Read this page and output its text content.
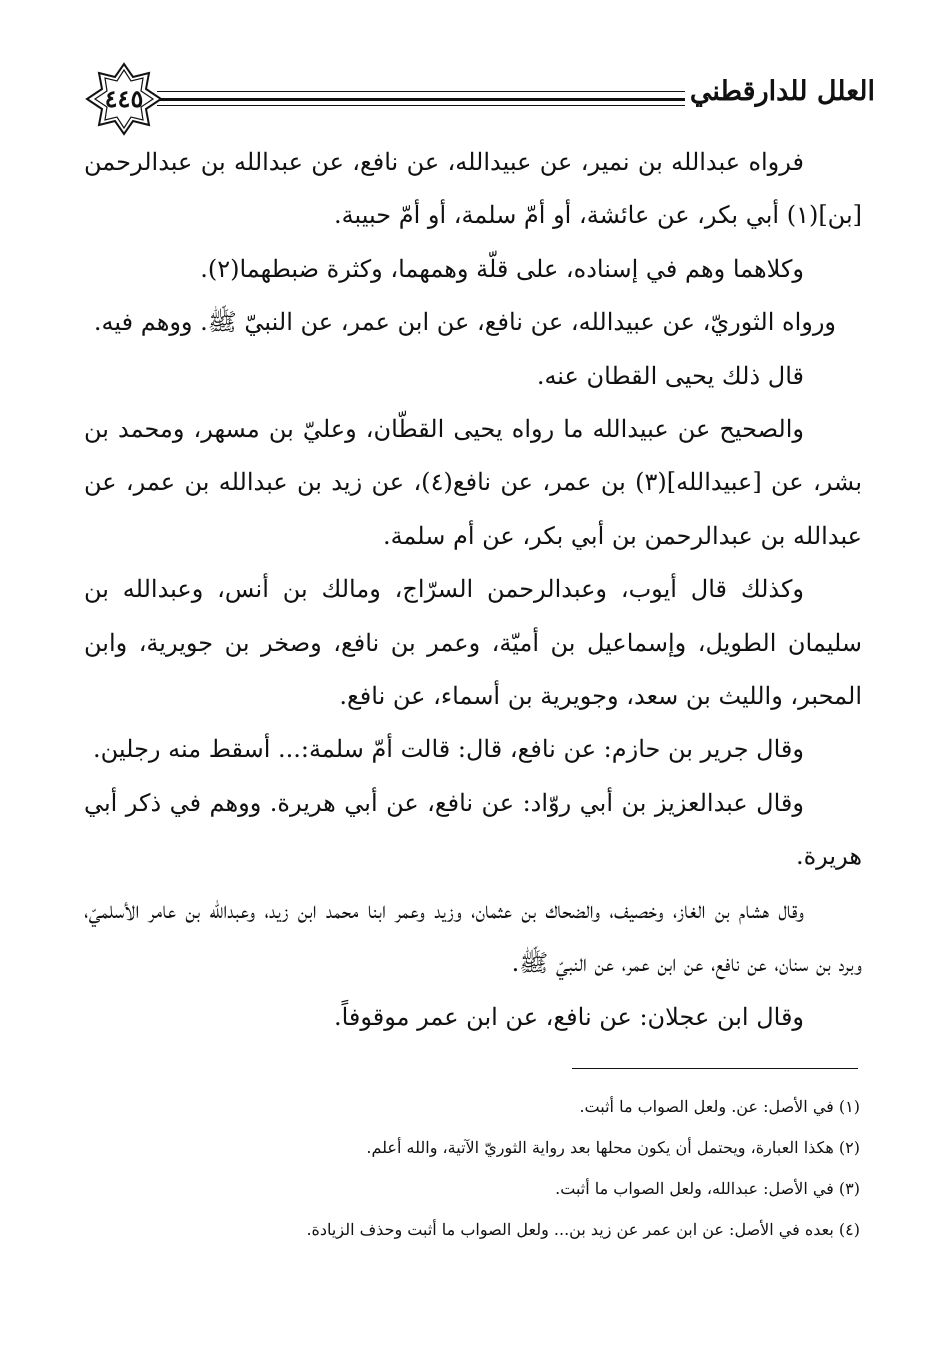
العلل للدارقطني
٤٤٥

فرواه عبدالله بن نمير، عن عبيدالله، عن نافع، عن عبدالله بن عبدالرحمن [بن](١) أبي بكر، عن عائشة، أو أمّ سلمة، أو أمّ حبيبة.

وكلاهما وهم في إسناده، على قلّة وهمهما، وكثرة ضبطهما(٢).

ورواه الثوريّ، عن عبيدالله، عن نافع، عن ابن عمر، عن النبيّ ﷺ. ووهم فيه.

قال ذلك يحيى القطان عنه.

والصحيح عن عبيدالله ما رواه يحيى القطّان، وعليّ بن مسهر، ومحمد بن بشر، عن [عبيدالله](٣) بن عمر، عن نافع(٤)، عن زيد بن عبدالله بن عمر، عن عبدالله بن عبدالرحمن بن أبي بكر، عن أم سلمة.

وكذلك قال أيوب، وعبدالرحمن السرّاج، ومالك بن أنس، وعبدالله بن سليمان الطويل، وإسماعيل بن أميّة، وعمر بن نافع، وصخر بن جويرية، وابن المحبر، والليث بن سعد، وجويرية بن أسماء، عن نافع.

وقال جرير بن حازم: عن نافع، قال: قالت أمّ سلمة:... أسقط منه رجلين.

وقال عبدالعزيز بن أبي روّاد: عن نافع، عن أبي هريرة. ووهم في ذكر أبي هريرة.

وقال هشام بن الغاز، وخصيف، والضحاك بن عثمان، وزيد وعمر ابنا محمد ابن زيد، وعبدالله بن عامر الأسلميّ، وبرد بن سنان، عن نافع، عن ابن عمر، عن النبيّ ﷺ.

وقال ابن عجلان: عن نافع، عن ابن عمر موقوفاً.

(١) في الأصل: عن. ولعل الصواب ما أثبت.

(٢) هكذا العبارة، ويحتمل أن يكون محلها بعد رواية الثوريّ الآتية، والله أعلم.

(٣) في الأصل: عبدالله، ولعل الصواب ما أثبت.

(٤) بعده في الأصل: عن ابن عمر عن زيد بن... ولعل الصواب ما أثبت وحذف الزيادة.
